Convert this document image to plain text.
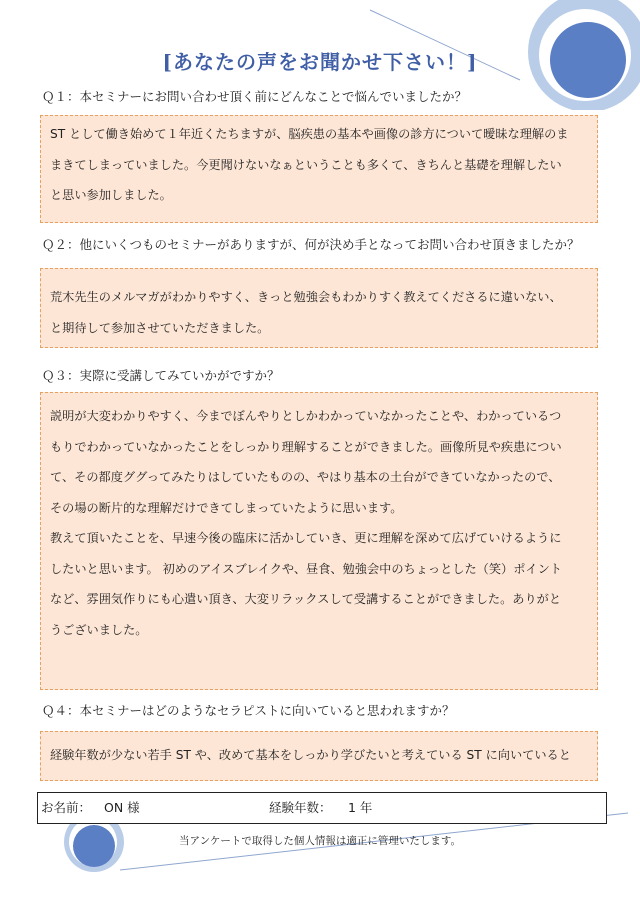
[あなたの声をお聞かせ下さい！]
Ｑ１：本セミナーにお問い合わせ頂く前にどんなことで悩んでいましたか？
ST として働き始めて１年近くたちますが、脳疾患の基本や画像の診方について曖昧な理解のま
まきてしまっていました。今更聞けないなぁということも多くて、きちんと基礎を理解したい
と思い参加しました。
Ｑ２：他にいくつものセミナーがありますが、何が決め手となってお問い合わせ頂きましたか？
荒木先生のメルマガがわかりやすく、きっと勉強会もわかりすく教えてくださるに違いない、
と期待して参加させていただきました。
Ｑ３：実際に受講してみていかがですか？
説明が大変わかりやすく、今までぼんやりとしかわかっていなかったことや、わかっているつ
もりでわかっていなかったことをしっかり理解することができました。画像所見や疾患につい
て、その都度ググってみたりはしていたものの、やはり基本の土台ができていなかったので、
その場の断片的な理解だけできてしまっていたように思います。
教えて頂いたことを、早速今後の臨床に活かしていき、更に理解を深めて広げていけるように
したいと思います。 初めのアイスブレイクや、昼食、勉強会中のちょっとした（笑）ポイント
など、雰囲気作りにも心遣い頂き、大変リラックスして受講することができました。ありがと
うございました。
Ｑ４：本セミナーはどのようなセラピストに向いていると思われますか？
経験年数が少ない若手 ST や、改めて基本をしっかり学びたいと考えている ST に向いていると
お名前： ON 様	経験年数： 1 年
当アンケートで取得した個人情報は適正に管理いたします。
